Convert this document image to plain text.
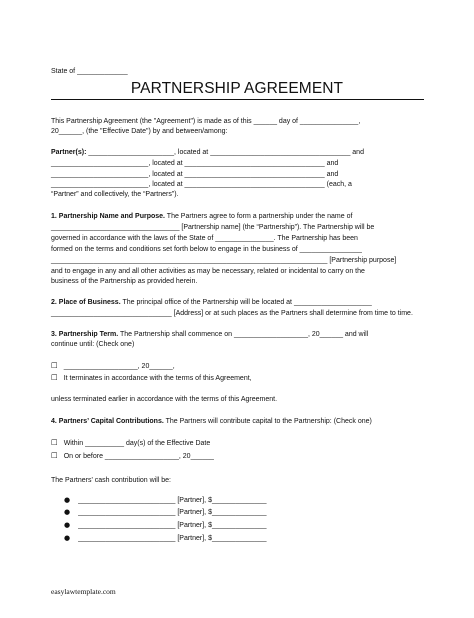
State of _____________
PARTNERSHIP AGREEMENT
This Partnership Agreement (the "Agreement") is made as of this ______ day of _______________,
20______, (the "Effective Date") by and between/among:
Partner(s): ______________________, located at ____________________________________ and
_________________________, located at ____________________________________ and
_________________________, located at ____________________________________ and
_________________________, located at ____________________________________ (each, a
“Partner” and collectively, the “Partners”).
1. Partnership Name and Purpose. The Partners agree to form a partnership under the name of
_________________________________ [Partnership name] (the “Partnership”). The Partnership will be
governed in accordance with the laws of the State of _______________. The Partnership has been
formed on the terms and conditions set forth below to engage in the business of ________________
_______________________________________________________________________ [Partnership purpose]
and to engage in any and all other activities as may be necessary, related or incidental to carry on the
business of the Partnership as provided herein.
2. Place of Business. The principal office of the Partnership will be located at ____________________
_______________________________ [Address] or at such places as the Partners shall determine from time to time.
3. Partnership Term. The Partnership shall commence on ___________________, 20______ and will
continue until: (Check one)
☐ ___________________, 20______,
☐ It terminates in accordance with the terms of this Agreement,
unless terminated earlier in accordance with the terms of this Agreement.
4. Partners’ Capital Contributions. The Partners will contribute capital to the Partnership: (Check one)
☐ Within __________ day(s) of the Effective Date
☐ On or before ___________________, 20______
The Partners' cash contribution will be:
● _________________________ [Partner], $______________
● _________________________ [Partner], $______________
● _________________________ [Partner], $______________
● _________________________ [Partner], $______________
easylawtemplate.com
